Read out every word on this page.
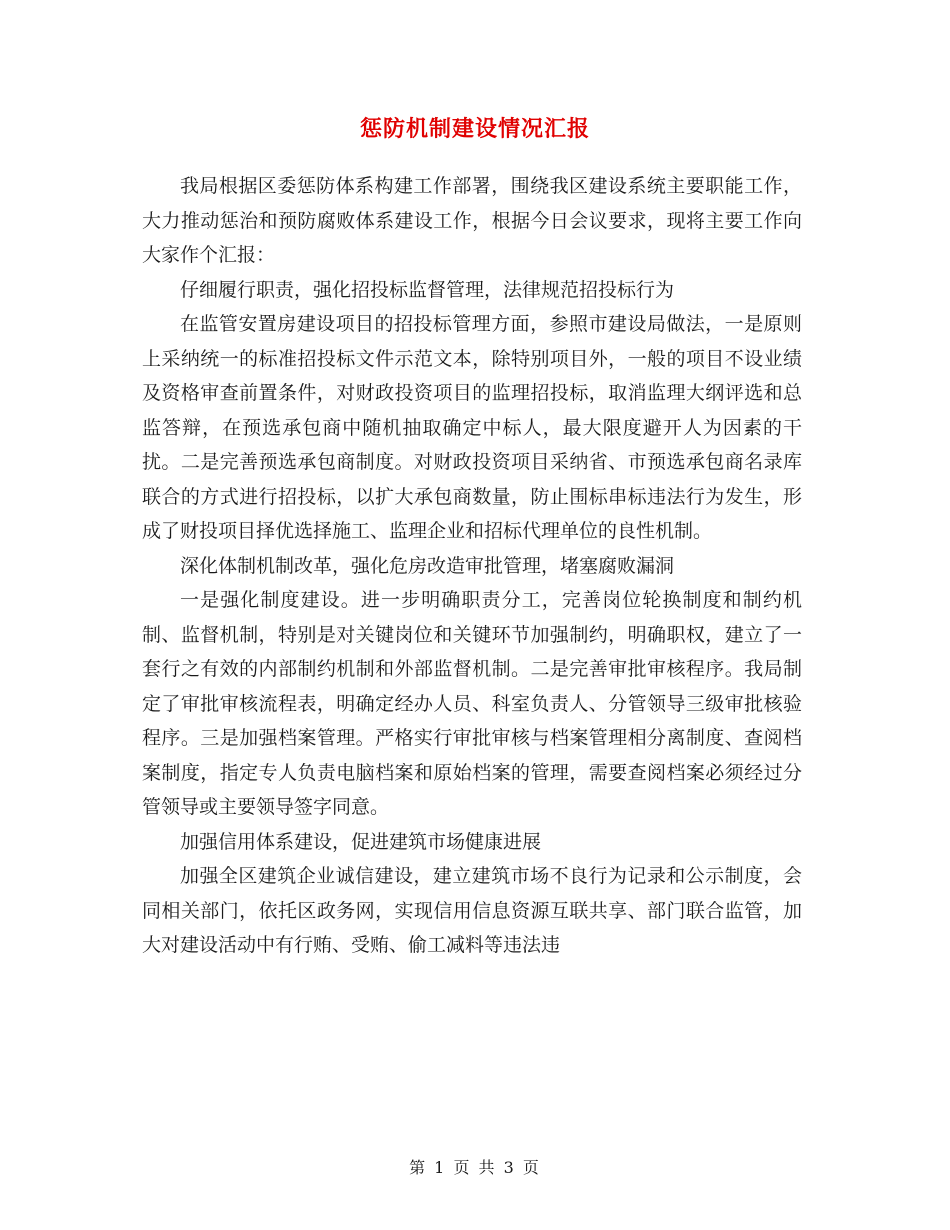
惩防机制建设情况汇报

我局根据区委惩防体系构建工作部署，围绕我区建设系统主要职能工作，大力推动惩治和预防腐败体系建设工作，根据今日会议要求，现将主要工作向大家作个汇报：

仔细履行职责，强化招投标监督管理，法律规范招投标行为

在监管安置房建设项目的招投标管理方面，参照市建设局做法，一是原则上采纳统一的标准招投标文件示范文本，除特别项目外，一般的项目不设业绩及资格审查前置条件，对财政投资项目的监理招投标，取消监理大纲评选和总监答辩，在预选承包商中随机抽取确定中标人，最大限度避开人为因素的干扰。二是完善预选承包商制度。对财政投资项目采纳省、市预选承包商名录库联合的方式进行招投标，以扩大承包商数量，防止围标串标违法行为发生，形成了财投项目择优选择施工、监理企业和招标代理单位的良性机制。

深化体制机制改革，强化危房改造审批管理，堵塞腐败漏洞

一是强化制度建设。进一步明确职责分工，完善岗位轮换制度和制约机制、监督机制，特别是对关键岗位和关键环节加强制约，明确职权，建立了一套行之有效的内部制约机制和外部监督机制。二是完善审批审核程序。我局制定了审批审核流程表，明确定经办人员、科室负责人、分管领导三级审批核验程序。三是加强档案管理。严格实行审批审核与档案管理相分离制度、查阅档案制度，指定专人负责电脑档案和原始档案的管理，需要查阅档案必须经过分管领导或主要领导签字同意。

加强信用体系建设，促进建筑市场健康进展

加强全区建筑企业诚信建设，建立建筑市场不良行为记录和公示制度，会同相关部门，依托区政务网，实现信用信息资源互联共享、部门联合监管，加大对建设活动中有行贿、受贿、偷工减料等违法违

第 1 页 共 3 页
